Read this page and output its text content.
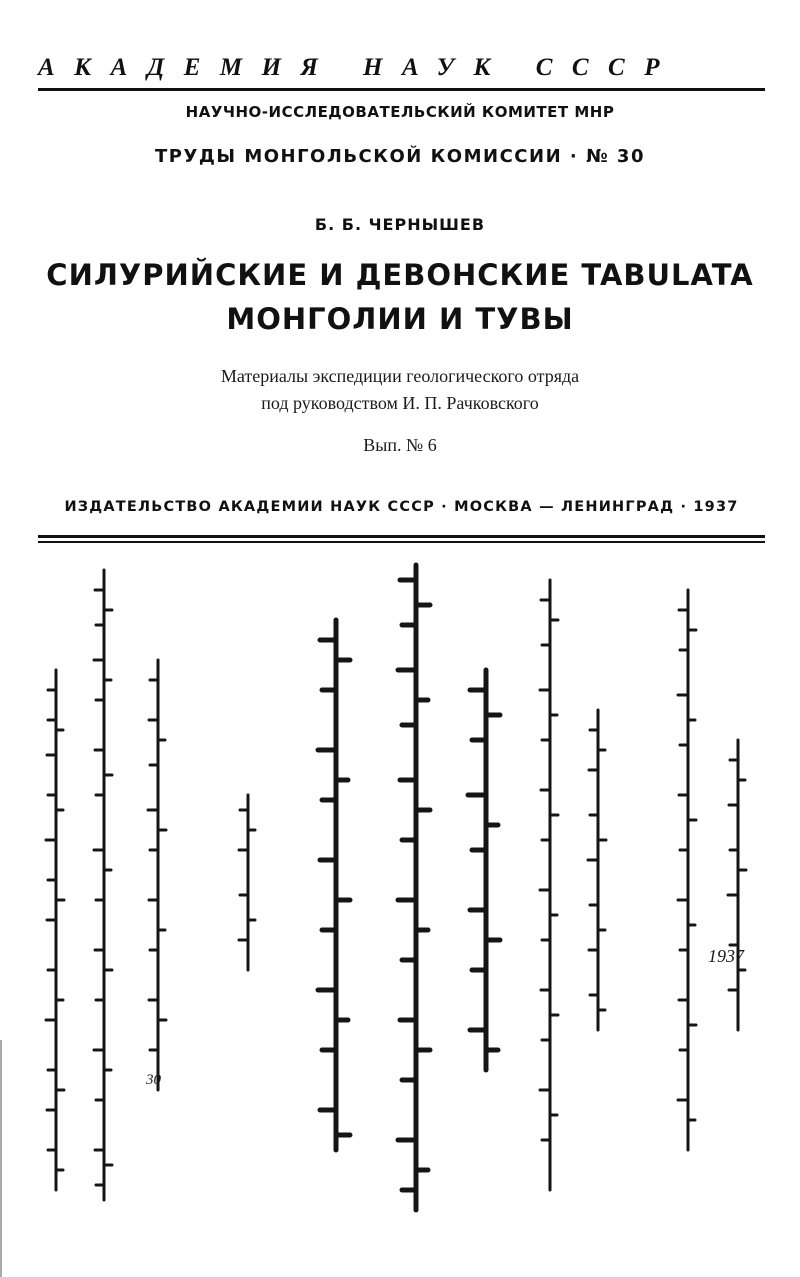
АКАДЕМИЯ НАУК СССР
НАУЧНО-ИССЛЕДОВАТЕЛЬСКИЙ КОМИТЕТ МНР
ТРУДЫ МОНГОЛЬСКОЙ КОМИССИИ · № 30
Б. Б. ЧЕРНЫШЕВ
СИЛУРИЙСКИЕ И ДЕВОНСКИЕ TABULATA
МОНГОЛИИ И ТУВЫ
Материалы экспедиции геологического отряда
под руководством И. П. Рачковского
Вып. № 6
ИЗДАТЕЛЬСТВО АКАДЕМИИ НАУК СССР · МОСКВА — ЛЕНИНГРАД · 1937
1937
30
